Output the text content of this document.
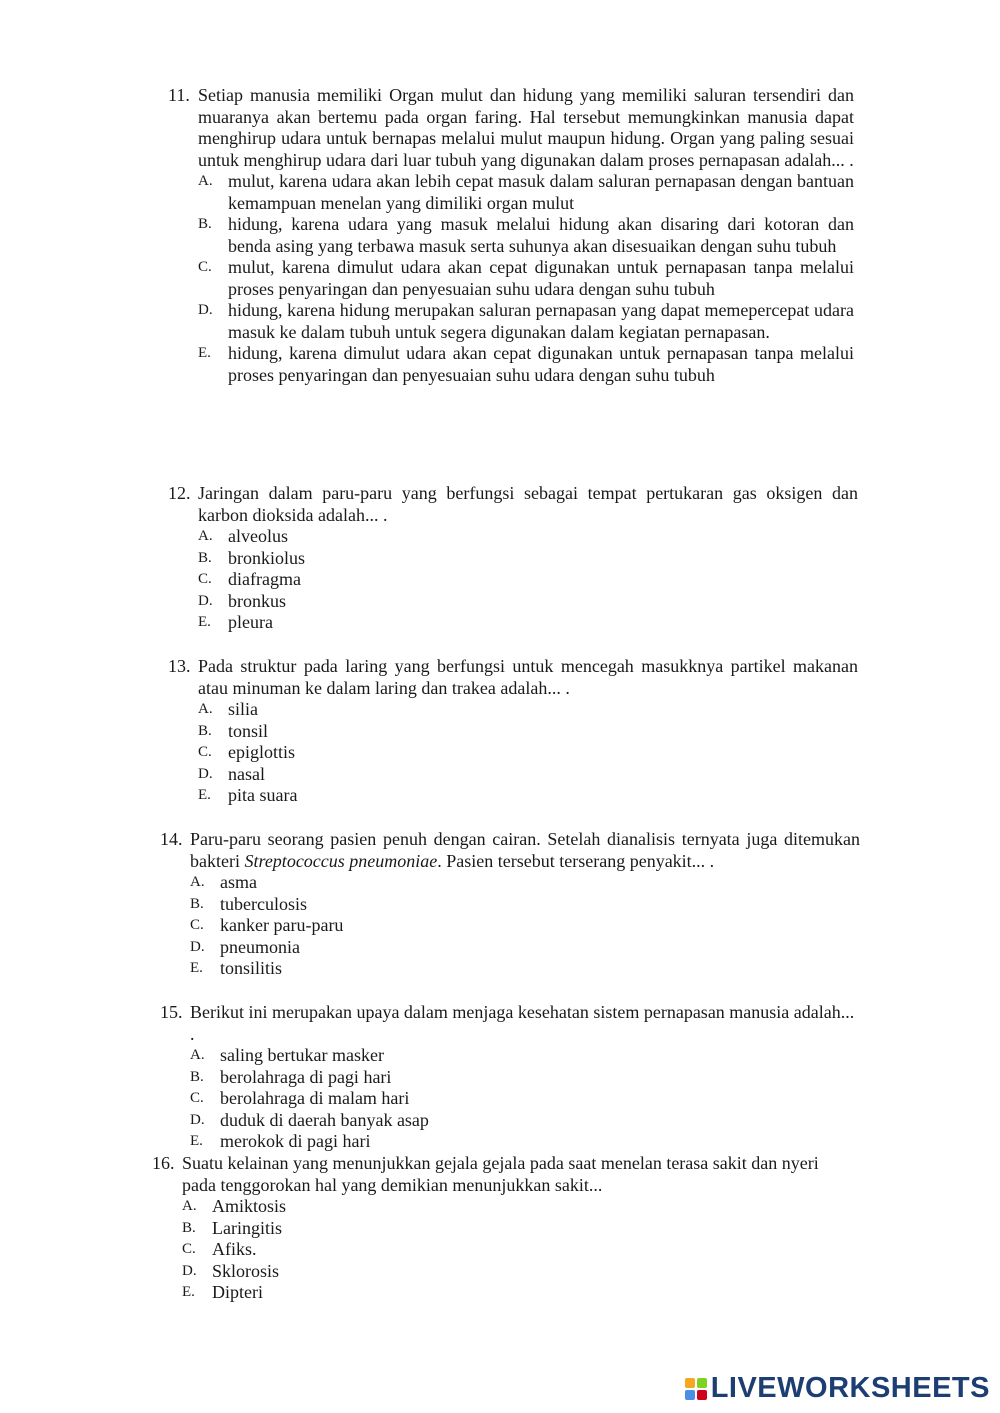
11. Setiap manusia memiliki Organ mulut dan hidung yang memiliki saluran tersendiri dan muaranya akan bertemu pada organ faring. Hal tersebut memungkinkan manusia dapat menghirup udara untuk bernapas melalui mulut maupun hidung. Organ yang paling sesuai untuk menghirup udara dari luar tubuh yang digunakan dalam proses pernapasan adalah... .
A. mulut, karena udara akan lebih cepat masuk dalam saluran pernapasan dengan bantuan kemampuan menelan yang dimiliki organ mulut
B. hidung, karena udara yang masuk melalui hidung akan disaring dari kotoran dan benda asing yang terbawa masuk serta suhunya akan disesuaikan dengan suhu tubuh
C. mulut, karena dimulut udara akan cepat digunakan untuk pernapasan tanpa melalui proses penyaringan dan penyesuaian suhu udara dengan suhu tubuh
D. hidung, karena hidung merupakan saluran pernapasan yang dapat memepercepat udara masuk ke dalam tubuh untuk segera digunakan dalam kegiatan pernapasan.
E. hidung, karena dimulut udara akan cepat digunakan untuk pernapasan tanpa melalui proses penyaringan dan penyesuaian suhu udara dengan suhu tubuh
12. Jaringan dalam paru-paru yang berfungsi sebagai tempat pertukaran gas oksigen dan karbon dioksida adalah... .
A. alveolus
B. bronkiolus
C. diafragma
D. bronkus
E. pleura
13. Pada struktur pada laring yang berfungsi untuk mencegah masukknya partikel makanan atau minuman ke dalam laring dan trakea adalah... .
A. silia
B. tonsil
C. epiglottis
D. nasal
E. pita suara
14. Paru-paru seorang pasien penuh dengan cairan. Setelah dianalisis ternyata juga ditemukan bakteri Streptococcus pneumoniae. Pasien tersebut terserang penyakit... .
A. asma
B. tuberculosis
C. kanker paru-paru
D. pneumonia
E. tonsilitis
15. Berikut ini merupakan upaya dalam menjaga kesehatan sistem pernapasan manusia adalah... .
A. saling bertukar masker
B. berolahraga di pagi hari
C. berolahraga di malam hari
D. duduk di daerah banyak asap
E. merokok di pagi hari
16. Suatu kelainan yang menunjukkan gejala gejala pada saat menelan terasa sakit dan nyeri pada tenggorokan hal yang demikian menunjukkan sakit...
A. Amiktosis
B. Laringitis
C. Afiks.
D. Sklorosis
E. Dipteri
LIVEWORKSHEETS
